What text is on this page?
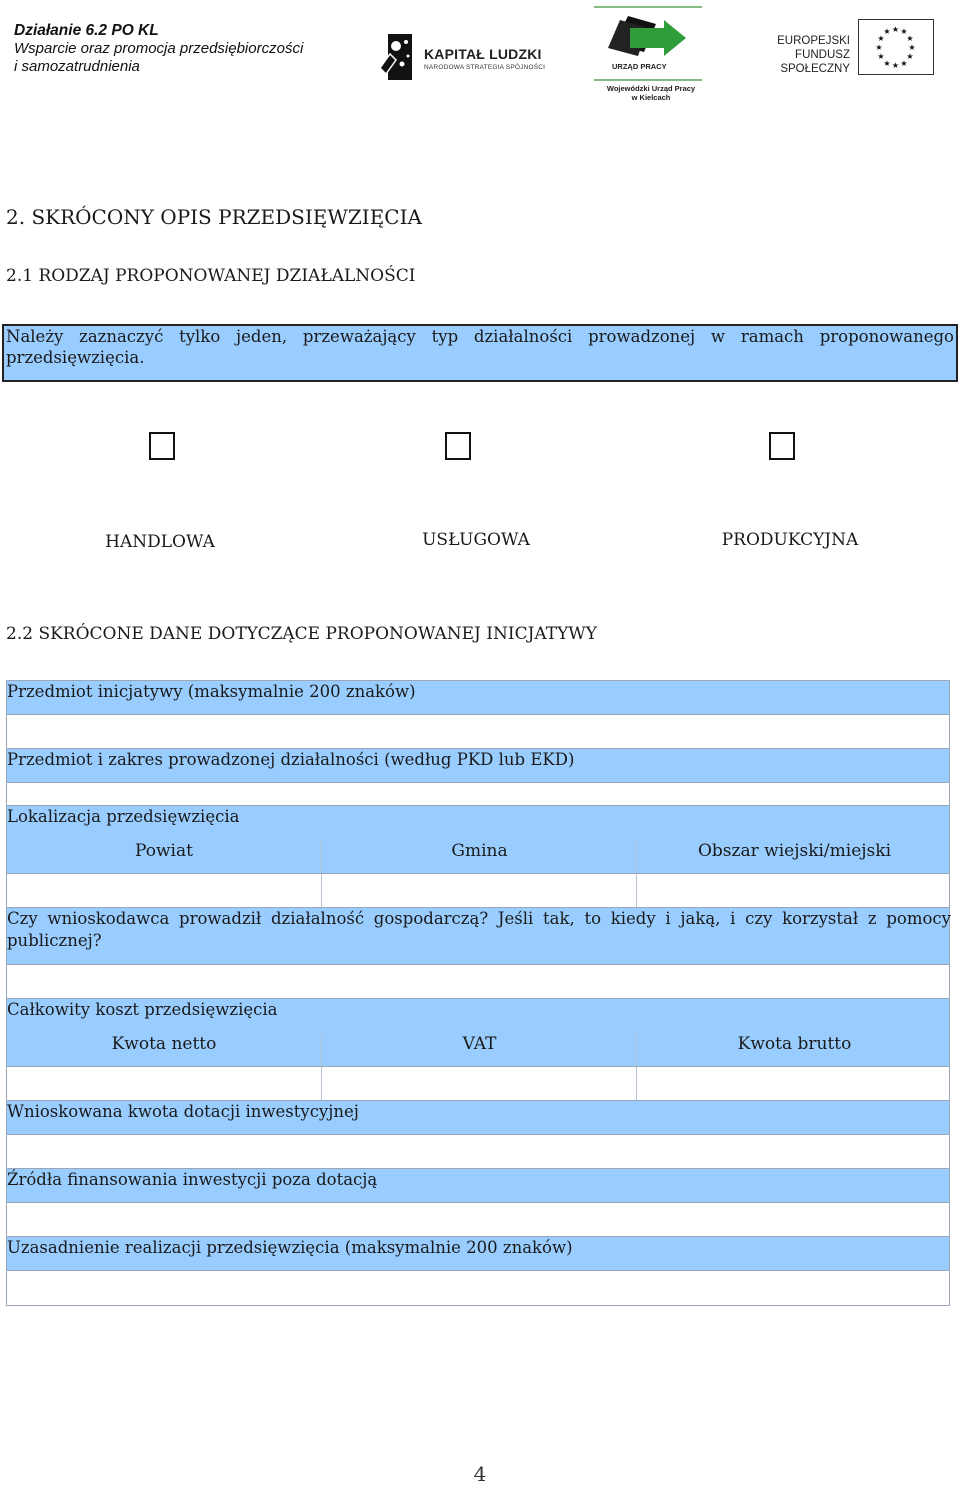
Działanie 6.2 PO KL
Wsparcie oraz promocja przedsiębiorczości
i samozatrudnienia
KAPITAŁ LUDZKI
NARODOWA STRATEGIA SPÓJNOŚCI	URZĄD PRACY
Wojewódzki Urząd Pracy
w Kielcach
EUROPEJSKI
FUNDUSZ SPOŁECZNY
★ ★
★
★
★
★
★
★
★
★
★
★
2. SKRÓCONY OPIS PRZEDSIĘWZIĘCIA
2.1 RODZAJ PROPONOWANEJ DZIAŁALNOŚCI
Należy zaznaczyć tylko jeden, przeważający typ działalności prowadzonej w ramach proponowanego przedsięwzięcia.
HANDLOWA	USŁUGOWA	PRODUKCYJNA
2.2 SKRÓCONE DANE DOTYCZĄCE PROPONOWANEJ INICJATYWY
Przedmiot inicjatywy (maksymalnie 200 znaków)
Przedmiot i zakres prowadzonej działalności (według PKD lub EKD)
Lokalizacja przedsięwzięcia
Powiat	Gmina	Obszar wiejski/miejski
Czy wnioskodawca prowadził działalność gospodarczą? Jeśli tak, to kiedy i jaką, i czy korzystał z pomocy publicznej?
Całkowity koszt przedsięwzięcia
Kwota netto	VAT	Kwota brutto
Wnioskowana kwota dotacji inwestycyjnej
Źródła finansowania inwestycji poza dotacją
Uzasadnienie realizacji przedsięwzięcia (maksymalnie 200 znaków)
4
